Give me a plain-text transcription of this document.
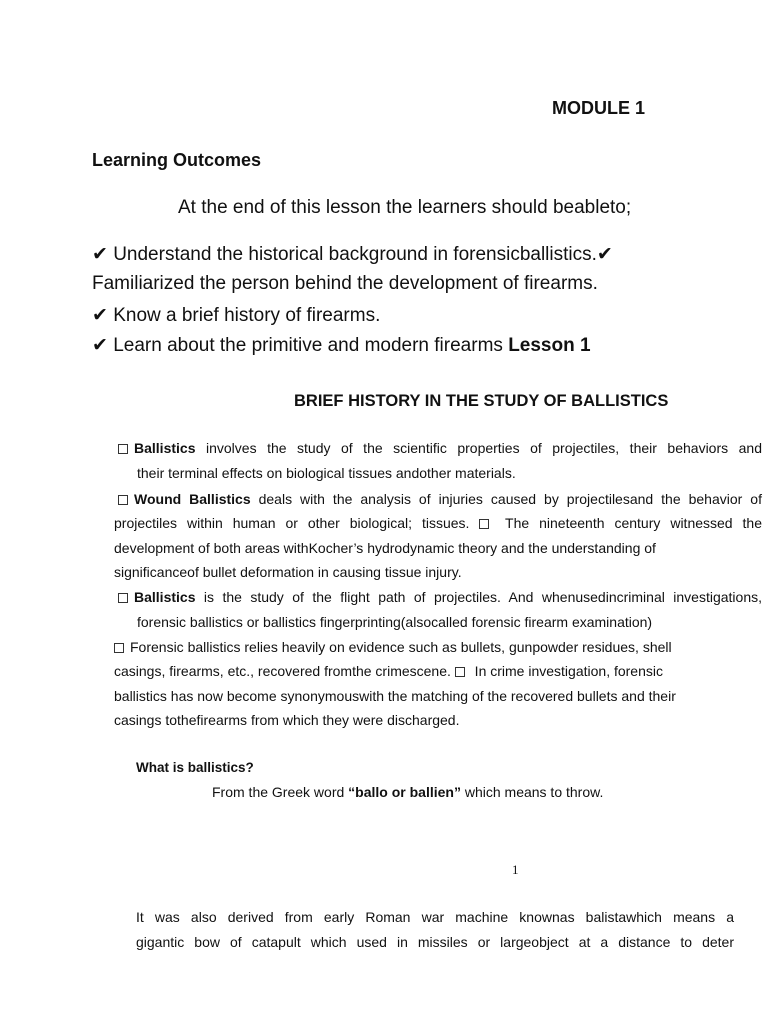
MODULE 1
Learning Outcomes
At the end of this lesson the learners should beableto;
✔ Understand the historical background in forensicballistics.✔
Familiarized the person behind the development of firearms.
✔ Know a brief history of firearms.
✔ Learn about the primitive and modern firearms Lesson 1
BRIEF HISTORY IN THE STUDY OF BALLISTICS
Ballistics involves the study of the scientific properties of projectiles, their behaviors and
their terminal effects on biological tissues andother materials.
Wound Ballistics deals with the analysis of injuries caused by projectilesand the behavior of
projectiles within human or other biological; tissues.  The nineteenth century witnessed the
development of both areas withKocher’s hydrodynamic theory and the understanding of
significanceof bullet deformation in causing tissue injury.
Ballistics is the study of the flight path of projectiles. And whenusedincriminal investigations,
forensic ballistics or ballistics fingerprinting(alsocalled forensic firearm examination)
Forensic ballistics relies heavily on evidence such as bullets, gunpowder residues, shell
casings, firearms, etc., recovered fromthe crimescene.  In crime investigation, forensic
ballistics has now become synonymouswith the matching of the recovered bullets and their
casings tothefirearms from which they were discharged.
What is ballistics?
From the Greek word “ballo or ballien” which means to throw.
1
It was also derived from early Roman war machine knownas balistawhich means a
gigantic bow of catapult which used in missiles or largeobject at a distance to deter
